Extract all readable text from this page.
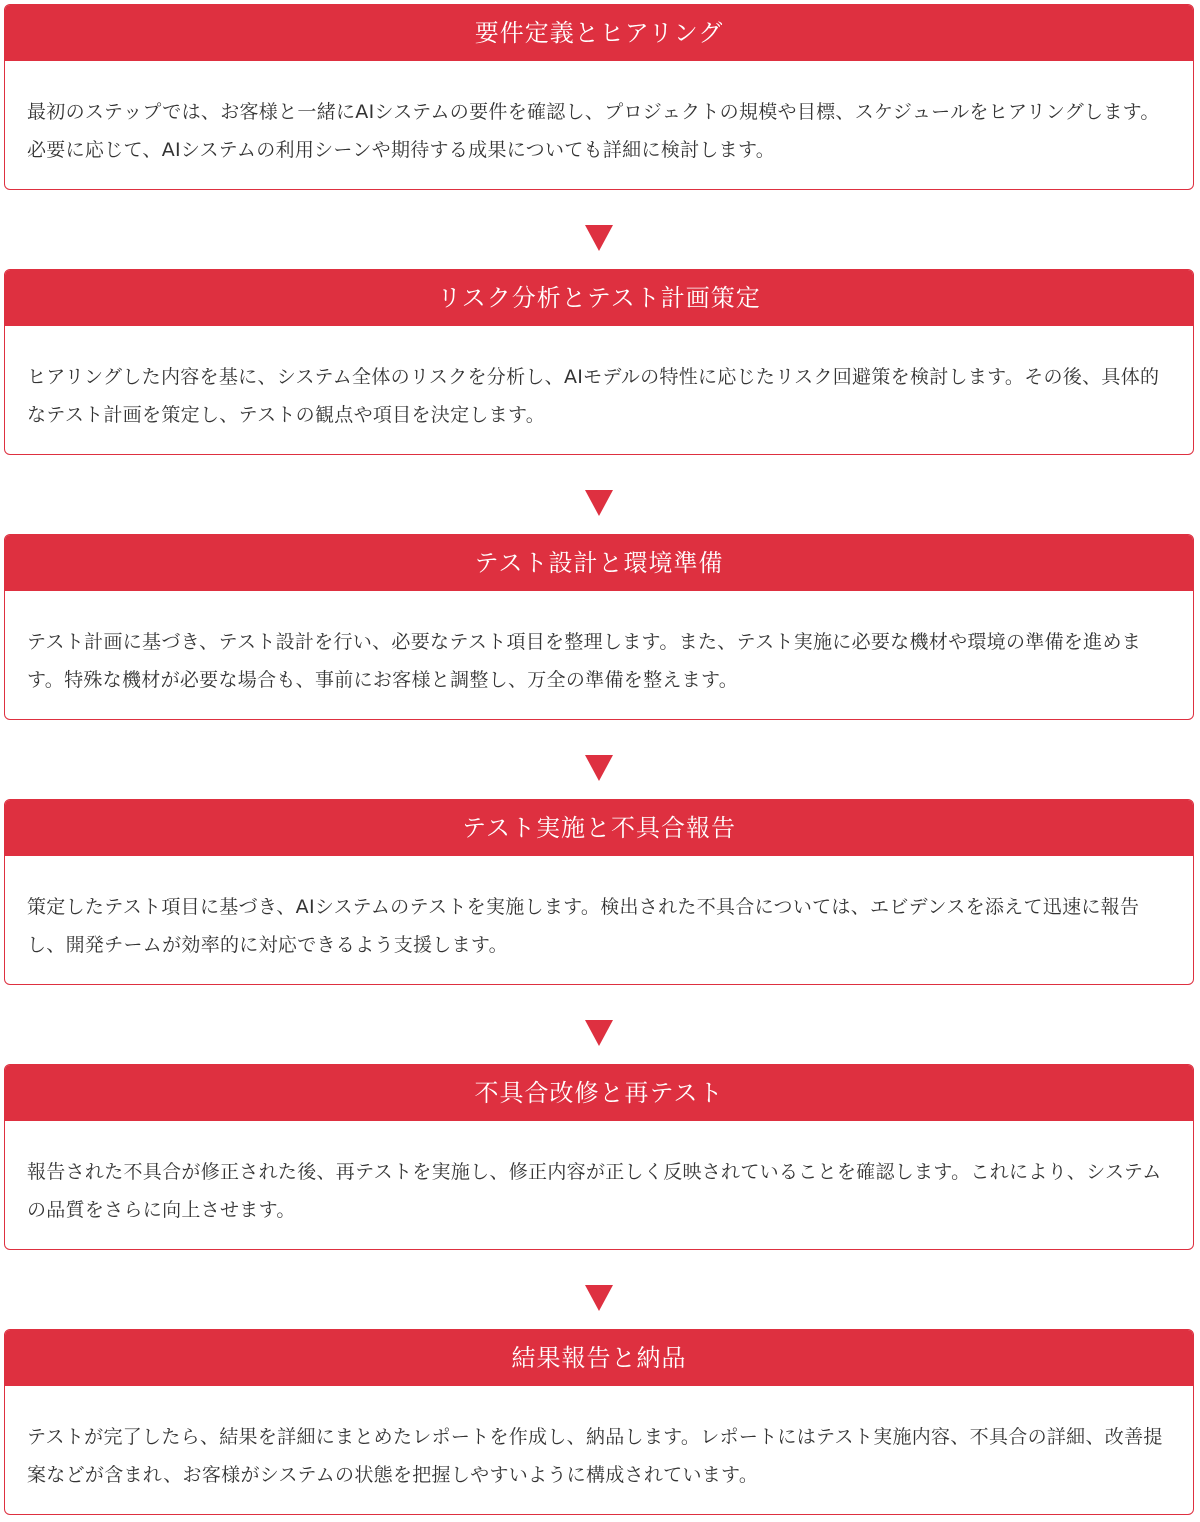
要件定義とヒアリング
最初のステップでは、お客様と一緒にAIシステムの要件を確認し、プロジェクトの規模や目標、スケジュールをヒアリングします。必要に応じて、AIシステムの利用シーンや期待する成果についても詳細に検討します。
リスク分析とテスト計画策定
ヒアリングした内容を基に、システム全体のリスクを分析し、AIモデルの特性に応じたリスク回避策を検討します。その後、具体的なテスト計画を策定し、テストの観点や項目を決定します。
テスト設計と環境準備
テスト計画に基づき、テスト設計を行い、必要なテスト項目を整理します。また、テスト実施に必要な機材や環境の準備を進めます。特殊な機材が必要な場合も、事前にお客様と調整し、万全の準備を整えます。
テスト実施と不具合報告
策定したテスト項目に基づき、AIシステムのテストを実施します。検出された不具合については、エビデンスを添えて迅速に報告し、開発チームが効率的に対応できるよう支援します。
不具合改修と再テスト
報告された不具合が修正された後、再テストを実施し、修正内容が正しく反映されていることを確認します。これにより、システムの品質をさらに向上させます。
結果報告と納品
テストが完了したら、結果を詳細にまとめたレポートを作成し、納品します。レポートにはテスト実施内容、不具合の詳細、改善提案などが含まれ、お客様がシステムの状態を把握しやすいように構成されています。
